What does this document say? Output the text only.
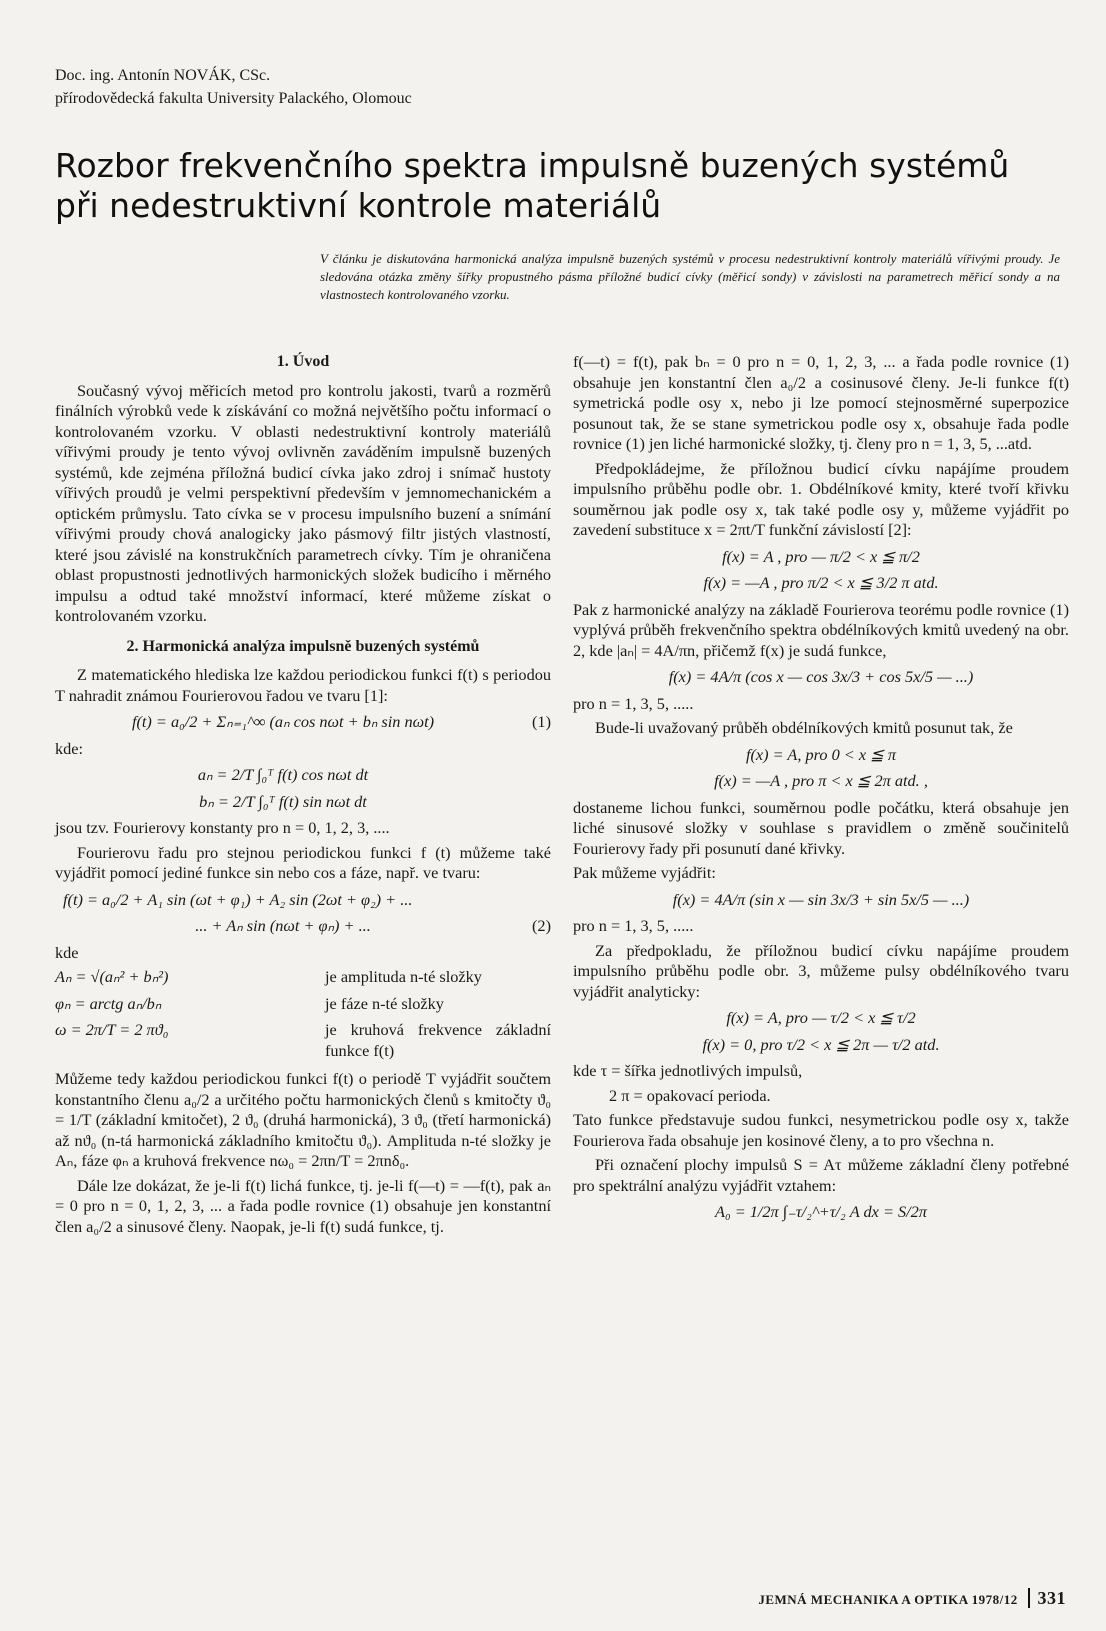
Doc. ing. Antonín NOVÁK, CSc.
přírodovědecká fakulta University Palackého, Olomouc
Rozbor frekvenčního spektra impulsně buzených systémů
při nedestruktivní kontrole materiálů
V článku je diskutována harmonická analýza impulsně buzených systémů v procesu nedestruktivní kontroly materiálů vířivými proudy. Je sledována otázka změny šířky propustného pásma příložné budicí cívky (měřicí sondy) v závislosti na parametrech měřicí sondy a na vlastnostech kontrolovaného vzorku.
1. Úvod

Současný vývoj měřicích metod pro kontrolu jakosti, tvarů a rozměrů finálních výrobků vede k získávání co možná největšího počtu informací o kontrolovaném vzorku. V oblasti nedestruktivní kontroly materiálů vířivými proudy je tento vývoj ovlivněn zaváděním impulsně buzených systémů, kde zejména příložná budicí cívka jako zdroj i snímač hustoty vířivých proudů je velmi perspektivní především v jemnomechanickém a optickém průmyslu. Tato cívka se v procesu impulsního buzení a snímání vířivými proudy chová analogicky jako pásmový filtr jistých vlastností, které jsou závislé na konstrukčních parametrech cívky. Tím je ohraničena oblast propustnosti jednotlivých harmonických složek budicího i měrného impulsu a odtud také množství informací, které můžeme získat o kontrolovaném vzorku.

2. Harmonická analýza impulsně buzených systémů

Z matematického hlediska lze každou periodickou funkci f(t) s periodou T nahradit známou Fourierovou řadou ve tvaru [1]:

f(t) = a₀/2 + Σₙ₌₁^∞ (aₙ cos nωt + bₙ sin nωt)	(1)

kde:

aₙ = 2/T ∫₀ᵀ f(t) cos nωt dt
bₙ = 2/T ∫₀ᵀ f(t) sin nωt dt

jsou tzv. Fourierovy konstanty pro n = 0, 1, 2, 3, ....

Fourierovu řadu pro stejnou periodickou funkci f (t) můžeme také vyjádřit pomocí jediné funkce sin nebo cos a fáze, např. ve tvaru:

f(t) = a₀/2 + A₁ sin (ωt + φ₁) + A₂ sin (2ωt + φ₂) + ...
... + Aₙ sin (nωt + φₙ) + ...	(2)

kde

Aₙ = √(aₙ² + bₙ²)	je amplituda n-té složky
φₙ = arctg aₙ/bₙ	je fáze n-té složky
ω = 2π/T = 2 πϑ₀	je kruhová frekvence základní funkce f(t)

Můžeme tedy každou periodickou funkci f(t) o periodě T vyjádřit součtem konstantního členu a₀/2 a určitého počtu harmonických členů s kmitočty ϑ₀ = 1/T (základní kmitočet), 2 ϑ₀ (druhá harmonická), 3 ϑ₀ (třetí harmonická) až nϑ₀ (n-tá harmonická základního kmitočtu ϑ₀). Amplituda n-té složky je Aₙ, fáze φₙ a kruhová frekvence nω₀ = 2πn/T = 2πnδ₀.

Dále lze dokázat, že je-li f(t) lichá funkce, tj. je-li f(—t) = —f(t), pak aₙ = 0 pro n = 0, 1, 2, 3, ... a řada podle rovnice (1) obsahuje jen konstantní člen a₀/2 a sinusové členy. Naopak, je-li f(t) sudá funkce, tj.

f(—t) = f(t), pak bₙ = 0 pro n = 0, 1, 2, 3, ... a řada podle rovnice (1) obsahuje jen konstantní člen a₀/2 a cosinusové členy. Je-li funkce f(t) symetrická podle osy x, nebo ji lze pomocí stejnosměrné superpozice posunout tak, že se stane symetrickou podle osy x, obsahuje řada podle rovnice (1) jen liché harmonické složky, tj. členy pro n = 1, 3, 5, ...atd.

Předpokládejme, že příložnou budicí cívku napájíme proudem impulsního průběhu podle obr. 1. Obdélníkové kmity, které tvoří křivku souměrnou jak podle osy x, tak také podle osy y, můžeme vyjádřit po zavedení substituce x = 2πt/T funkční závislostí [2]:

f(x) = A , pro — π/2 < x ≦ π/2
f(x) = —A , pro π/2 < x ≦ 3/2 π atd.

Pak z harmonické analýzy na základě Fourierova teorému podle rovnice (1) vyplývá průběh frekvenčního spektra obdélníkových kmitů uvedený na obr. 2, kde |aₙ| = 4A/πn, přičemž f(x) je sudá funkce,

f(x) = 4A/π (cos x — cos 3x/3 + cos 5x/5 — ...)

pro n = 1, 3, 5, .....

Bude-li uvažovaný průběh obdélníkových kmitů posunut tak, že

f(x) = A, pro 0 < x ≦ π
f(x) = —A , pro π < x ≦ 2π atd. ,

dostaneme lichou funkci, souměrnou podle počátku, která obsahuje jen liché sinusové složky v souhlase s pravidlem o změně součinitelů Fourierovy řady při posunutí dané křivky.

Pak můžeme vyjádřit:

f(x) = 4A/π (sin x — sin 3x/3 + sin 5x/5 — ...)

pro n = 1, 3, 5, .....

Za předpokladu, že příložnou budicí cívku napájíme proudem impulsního průběhu podle obr. 3, můžeme pulsy obdélníkového tvaru vyjádřit analyticky:

f(x) = A, pro — τ/2 < x ≦ τ/2
f(x) = 0, pro τ/2 < x ≦ 2π — τ/2 atd.

kde τ = šířka jednotlivých impulsů,

2 π = opakovací perioda.

Tato funkce představuje sudou funkci, nesymetrickou podle osy x, takže Fourierova řada obsahuje jen kosinové členy, a to pro všechna n.

Při označení plochy impulsů S = Aτ můžeme základní členy potřebné pro spektrální analýzu vyjádřit vztahem:

A₀ = 1/2π ∫₋τ/₂^+τ/₂ A dx = S/2π
JEMNÁ MECHANIKA A OPTIKA 1978/12 331
